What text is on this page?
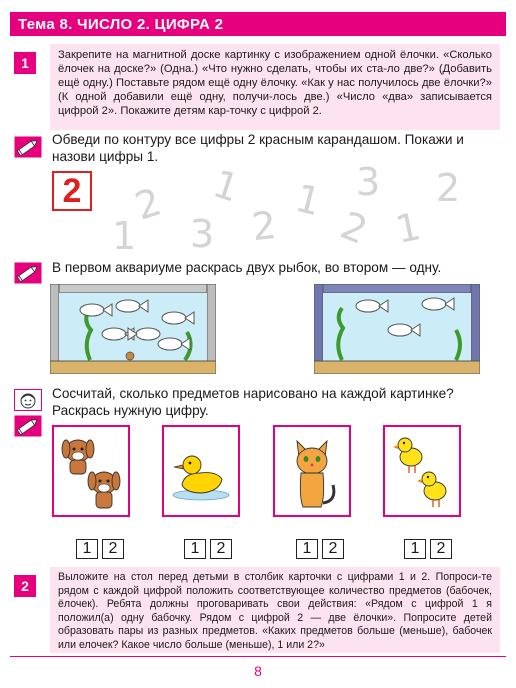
Тема 8. ЧИСЛО 2. ЦИФРА 2
1	Закрепите на магнитной доске картинку с изображением одной ёлочки. «Сколько ёлочек на доске?» (Одна.) «Что нужно сделать, чтобы их ста-ло две?» (Добавить ещё одну.) Поставьте рядом ещё одну ёлочку. «Как у нас получилось две ёлочки?» (К одной добавили ещё одну, получи-лось две.) «Число «два» записывается цифрой 2». Покажите детям кар-точку с цифрой 2.
Обведи по контуру все цифры 2 красным карандашом. Покажи и назови цифры 1.
2 2 1
1 3 2
1 3
2
2
1
В первом аквариуме раскрась двух рыбок, во втором — одну.
Сосчитай, сколько предметов нарисовано на каждой картинке? Раскрась нужную цифру.
1	2	1	2	1	2	1	2
2
Выложите на стол перед детьми в столбик карточки с цифрами 1 и 2. Попроси-те рядом с каждой цифрой положить соответствующее количество предметов (бабочек, ёлочек). Ребята должны проговаривать свои действия: «Рядом с цифрой 1 я положил(а) одну бабочку. Рядом с цифрой 2 — две ёлочки». Попросите детей образовать пары из разных предметов. «Каких предметов больше (меньше), бабочек или елочек? Какое число больше (меньше), 1 или 2?»
8
